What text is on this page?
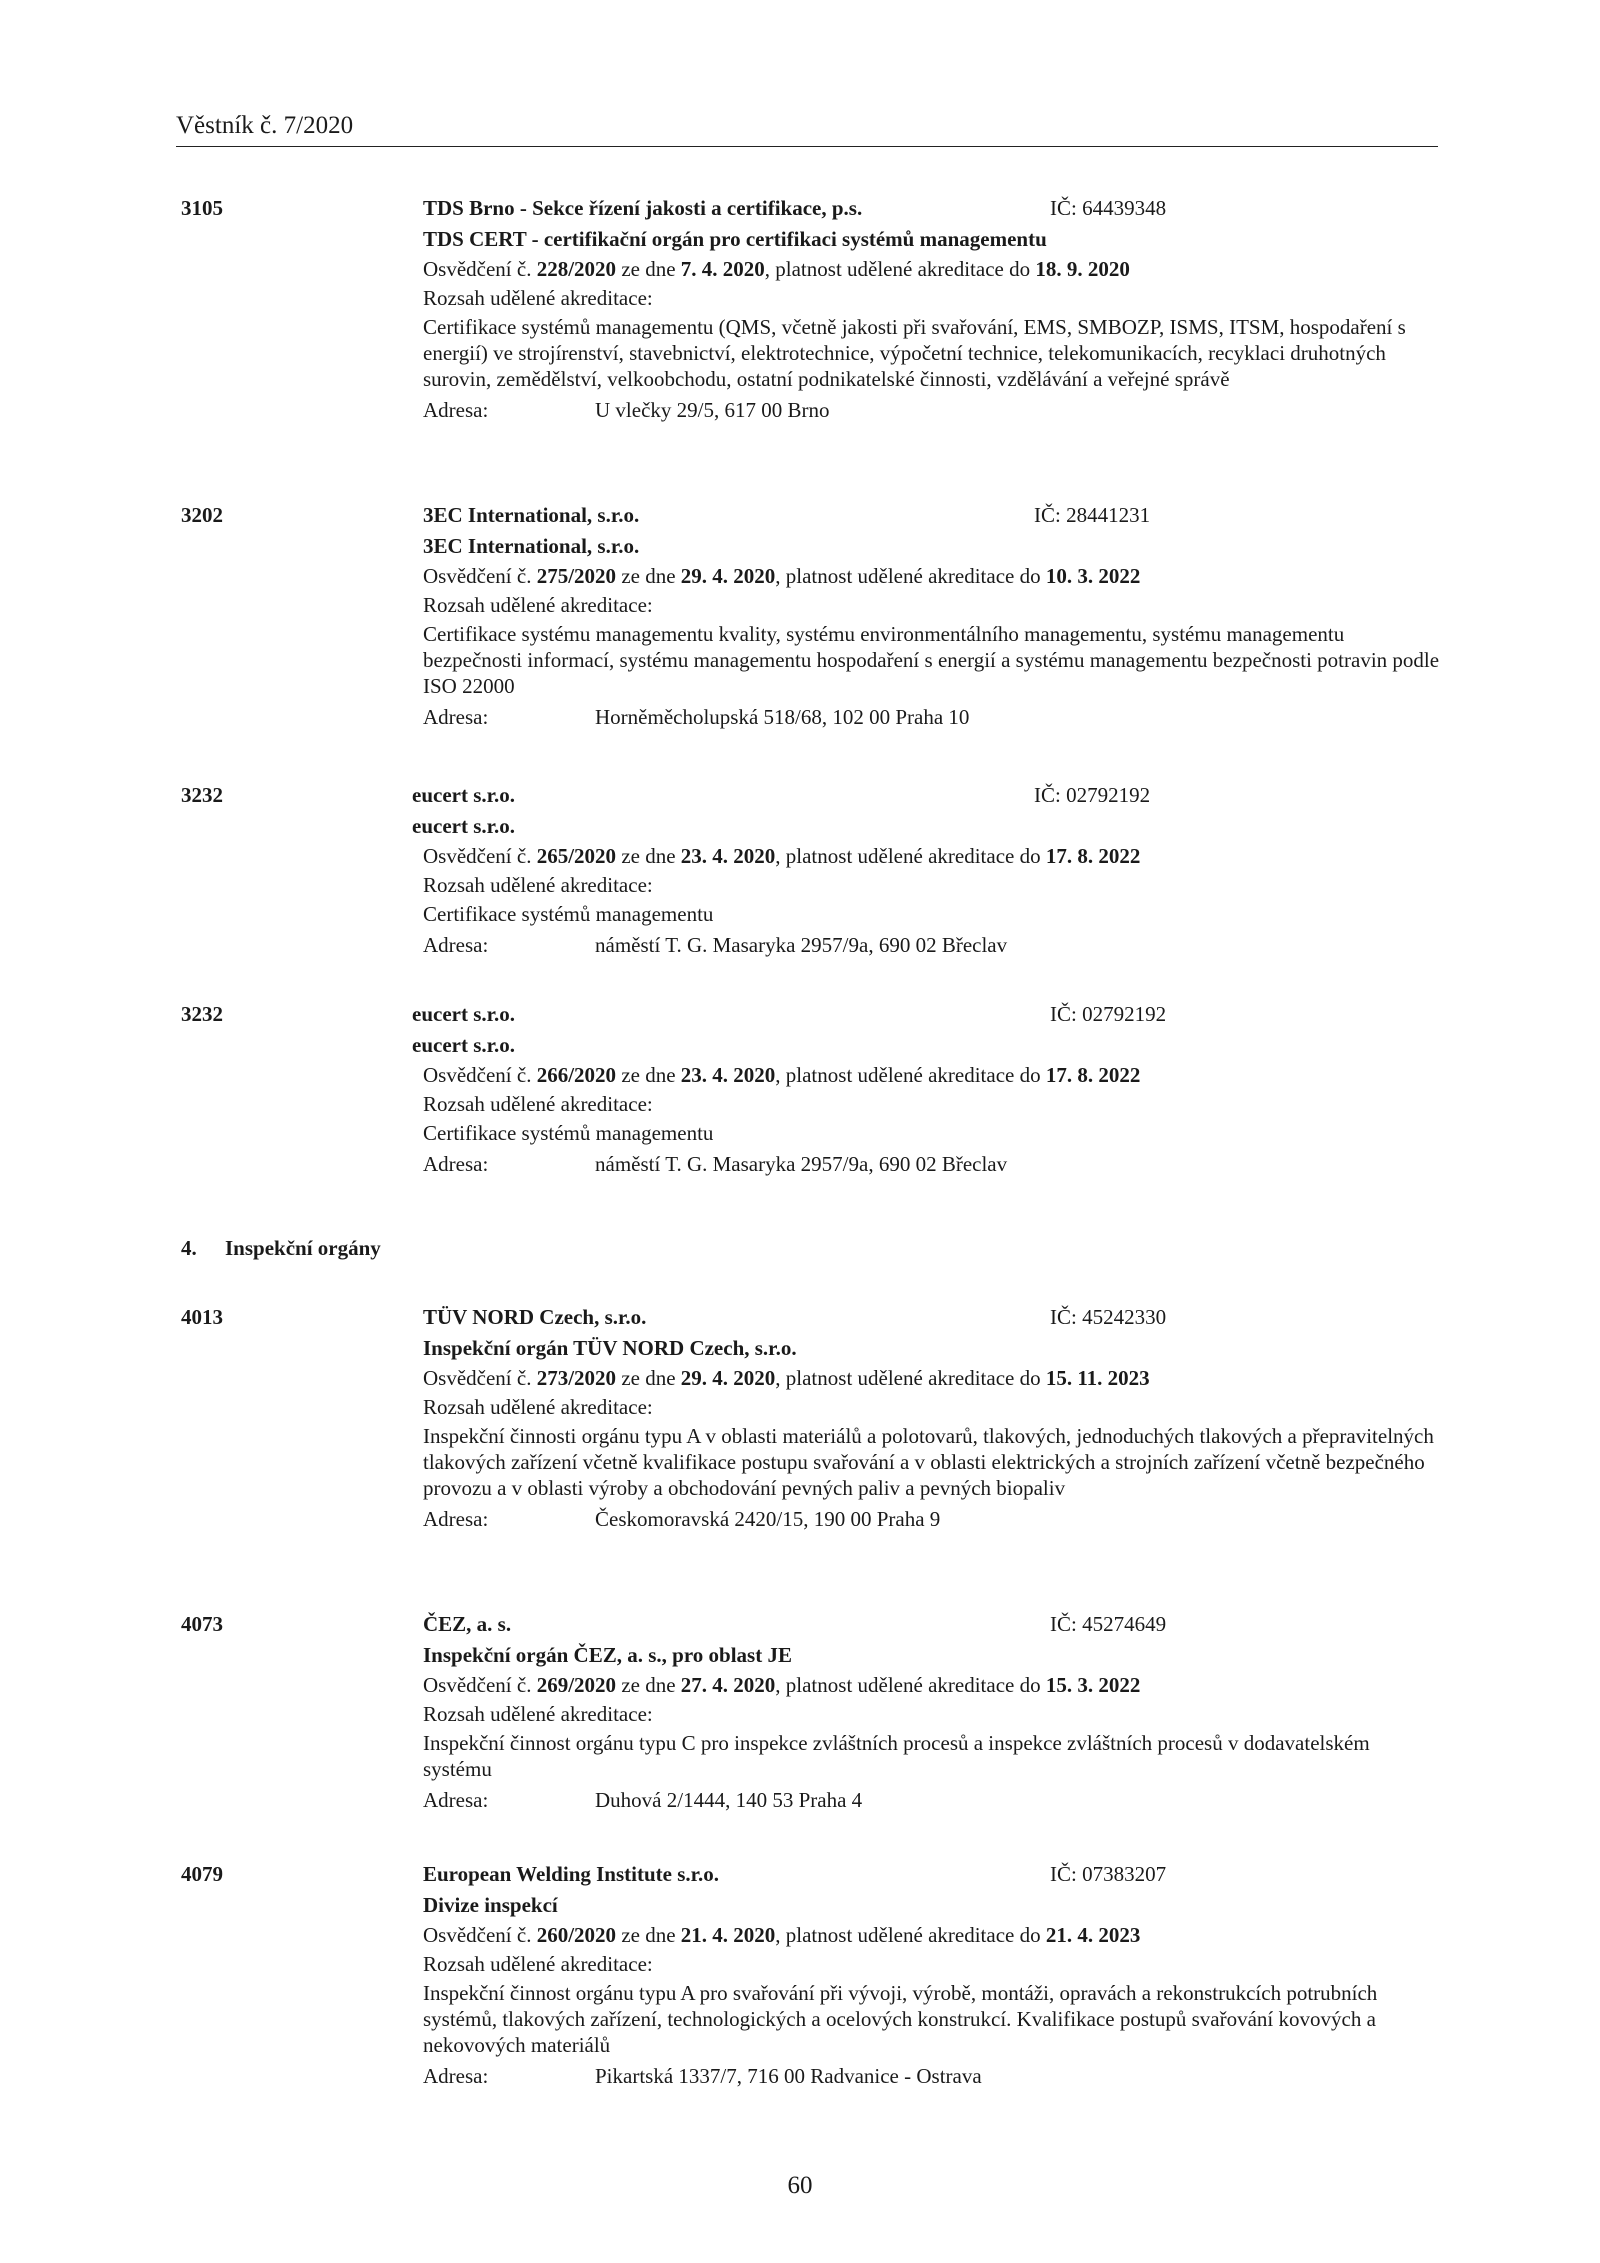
Věstník č. 7/2020
3105	TDS Brno - Sekce řízení jakosti a certifikace, p.s.	IČ: 64439348
TDS CERT - certifikační orgán pro certifikaci systémů managementu
Osvědčení č. 228/2020 ze dne 7. 4. 2020, platnost udělené akreditace do 18. 9. 2020
Rozsah udělené akreditace:
Certifikace systémů managementu (QMS, včetně jakosti při svařování, EMS, SMBOZP, ISMS, ITSM, hospodaření s energií) ve strojírenství, stavebnictví, elektrotechnice, výpočetní technice, telekomunikacích, recyklaci druhotných surovin, zemědělství, velkoobchodu, ostatní podnikatelské činnosti, vzdělávání a veřejné správě
Adresa:	U vlečky 29/5, 617 00 Brno
3202	3EC International, s.r.o.	IČ: 28441231
3EC International, s.r.o.
Osvědčení č. 275/2020 ze dne 29. 4. 2020, platnost udělené akreditace do 10. 3. 2022
Rozsah udělené akreditace:
Certifikace systému managementu kvality, systému environmentálního managementu, systému managementu bezpečnosti informací, systému managementu hospodaření s energií a systému managementu bezpečnosti potravin podle ISO 22000
Adresa:	Horněměcholupská 518/68, 102 00 Praha 10
3232	eucert s.r.o.	IČ: 02792192
eucert s.r.o.
Osvědčení č. 265/2020 ze dne 23. 4. 2020, platnost udělené akreditace do 17. 8. 2022
Rozsah udělené akreditace:
Certifikace systémů managementu
Adresa:	náměstí T. G. Masaryka 2957/9a, 690 02 Břeclav
3232	eucert s.r.o.	IČ: 02792192
eucert s.r.o.
Osvědčení č. 266/2020 ze dne 23. 4. 2020, platnost udělené akreditace do 17. 8. 2022
Rozsah udělené akreditace:
Certifikace systémů managementu
Adresa:	náměstí T. G. Masaryka 2957/9a, 690 02 Břeclav
4. Inspekční orgány
4013	TÜV NORD Czech, s.r.o.	IČ: 45242330
Inspekční orgán TÜV NORD Czech, s.r.o.
Osvědčení č. 273/2020 ze dne 29. 4. 2020, platnost udělené akreditace do 15. 11. 2023
Rozsah udělené akreditace:
Inspekční činnosti orgánu typu A v oblasti materiálů a polotovarů, tlakových, jednoduchých tlakových a přepravitelných tlakových zařízení včetně kvalifikace postupu svařování a v oblasti elektrických a strojních zařízení včetně bezpečného provozu a v oblasti výroby a obchodování pevných paliv a pevných biopaliv
Adresa:	Českomoravská 2420/15, 190 00 Praha 9
4073	ČEZ, a. s.	IČ: 45274649
Inspekční orgán ČEZ, a. s., pro oblast JE
Osvědčení č. 269/2020 ze dne 27. 4. 2020, platnost udělené akreditace do 15. 3. 2022
Rozsah udělené akreditace:
Inspekční činnost orgánu typu C pro inspekce zvláštních procesů a inspekce zvláštních procesů v dodavatelském systému
Adresa:	Duhová 2/1444, 140 53 Praha 4
4079	European Welding Institute s.r.o.	IČ: 07383207
Divize inspekcí
Osvědčení č. 260/2020 ze dne 21. 4. 2020, platnost udělené akreditace do 21. 4. 2023
Rozsah udělené akreditace:
Inspekční činnost orgánu typu A pro svařování při vývoji, výrobě, montáži, opravách a rekonstrukcích potrubních systémů, tlakových zařízení, technologických a ocelových konstrukcí. Kvalifikace postupů svařování kovových a nekovových materiálů
Adresa:	Pikartská 1337/7, 716 00 Radvanice - Ostrava
60
